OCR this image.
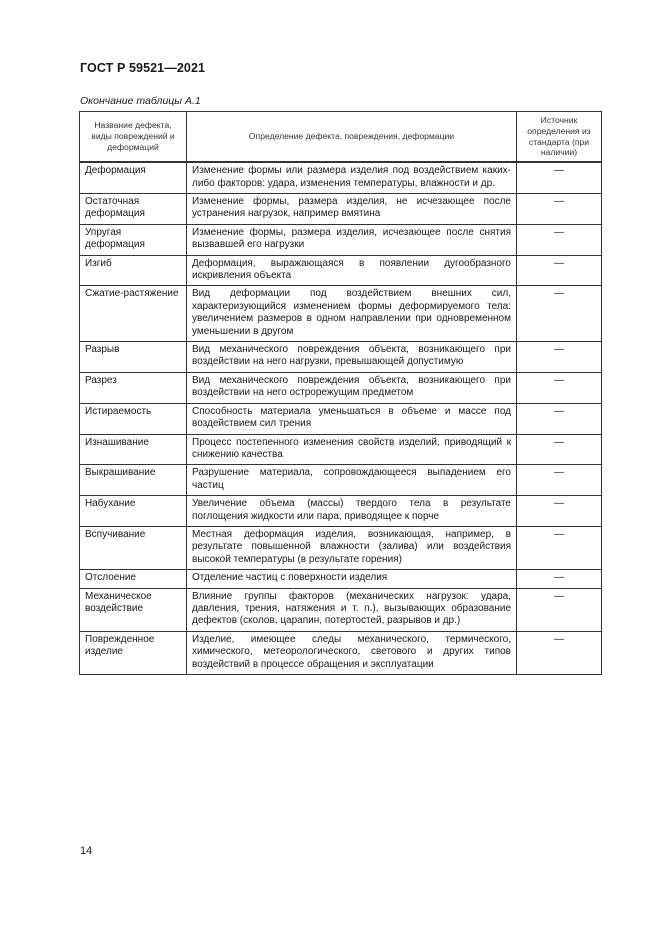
ГОСТ Р 59521—2021
Окончание таблицы А.1
Название дефекта, виды повреждений и деформаций	Определение дефекта, повреждения, деформации	Источник определения из стандарта (при наличии)
Деформация	Изменение формы или размера изделия под воздействием каких-либо факторов: удара, изменения температуры, влажности и др.	—
Остаточная деформация	Изменение формы, размера изделия, не исчезающее после устранения нагрузок, например вмятина	—
Упругая деформация	Изменение формы, размера изделия, исчезающее после снятия вызвавшей его нагрузки	—
Изгиб	Деформация, выражающаяся в появлении дугообразного искривления объекта	—
Сжатие-растяжение	Вид деформации под воздействием внешних сил, характеризующийся изменением формы деформируемого тела: увеличением размеров в одном направлении при одновременном уменьшении в другом	—
Разрыв	Вид механического повреждения объекта, возникающего при воздействии на него нагрузки, превышающей допустимую	—
Разрез	Вид механического повреждения объекта, возникающего при воздействии на него острорежущим предметом	—
Истираемость	Способность материала уменьшаться в объеме и массе под воздействием сил трения	—
Изнашивание	Процесс постепенного изменения свойств изделий, приводящий к снижению качества	—
Выкрашивание	Разрушение материала, сопровождающееся выпадением его частиц	—
Набухание	Увеличение объема (массы) твердого тела в результате поглощения жидкости или пара, приводящее к порче	—
Вспучивание	Местная деформация изделия, возникающая, например, в результате повышенной влажности (залива) или воздействия высокой температуры (в результате горения)	—
Отслоение	Отделение частиц с поверхности изделия	—
Механическое воздействие	Влияние группы факторов (механических нагрузок: удара, давления, трения, натяжения и т. п.), вызывающих образование дефектов (сколов, царапин, потертостей, разрывов и др.)	—
Поврежденное изделие	Изделие, имеющее следы механического, термического, химического, метеорологического, светового и других типов воздействий в процессе обращения и эксплуатации	—
14
